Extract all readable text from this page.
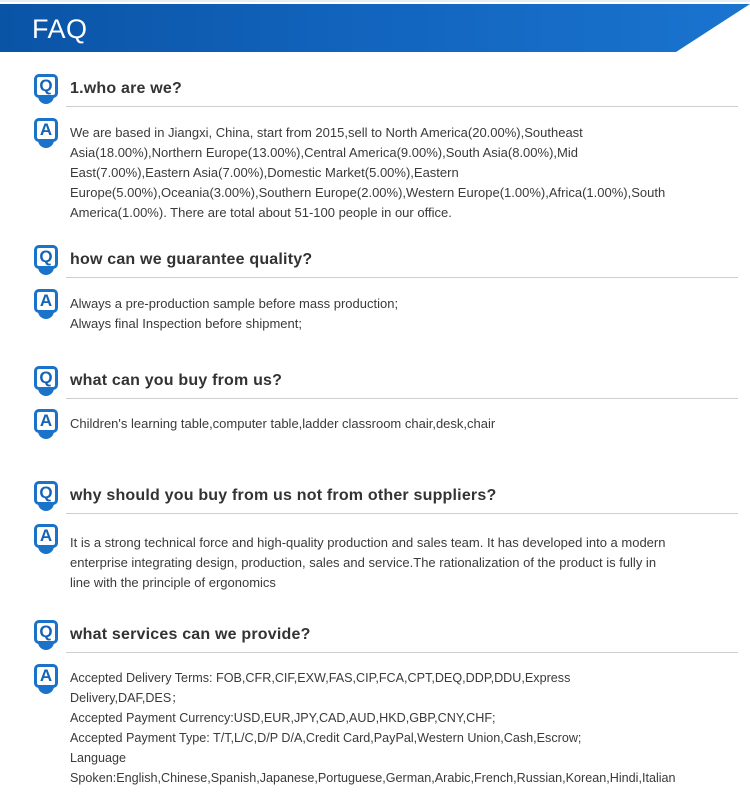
FAQ
Q	1.who are we?
A	We are based in Jiangxi, China, start from 2015,sell to North America(20.00%),Southeast
Asia(18.00%),Northern Europe(13.00%),Central America(9.00%),South Asia(8.00%),Mid
East(7.00%),Eastern Asia(7.00%),Domestic Market(5.00%),Eastern
Europe(5.00%),Oceania(3.00%),Southern Europe(2.00%),Western Europe(1.00%),Africa(1.00%),South
America(1.00%). There are total about 51-100 people in our office.
Q	how can we guarantee quality?
A	Always a pre-production sample before mass production;
Always final Inspection before shipment;
Q	what can you buy from us?
A	Children's learning table,computer table,ladder classroom chair,desk,chair
Q	why should you buy from us not from other suppliers?
A	It is a strong technical force and high-quality production and sales team. It has developed into a modern
enterprise integrating design, production, sales and service.The rationalization of the product is fully in
line with the principle of ergonomics
Q	what services can we provide?
A	Accepted Delivery Terms: FOB,CFR,CIF,EXW,FAS,CIP,FCA,CPT,DEQ,DDP,DDU,Express
Delivery,DAF,DES；
Accepted Payment Currency:USD,EUR,JPY,CAD,AUD,HKD,GBP,CNY,CHF;
Accepted Payment Type: T/T,L/C,D/P D/A,Credit Card,PayPal,Western Union,Cash,Escrow;
Language
Spoken:English,Chinese,Spanish,Japanese,Portuguese,German,Arabic,French,Russian,Korean,Hindi,Italian
